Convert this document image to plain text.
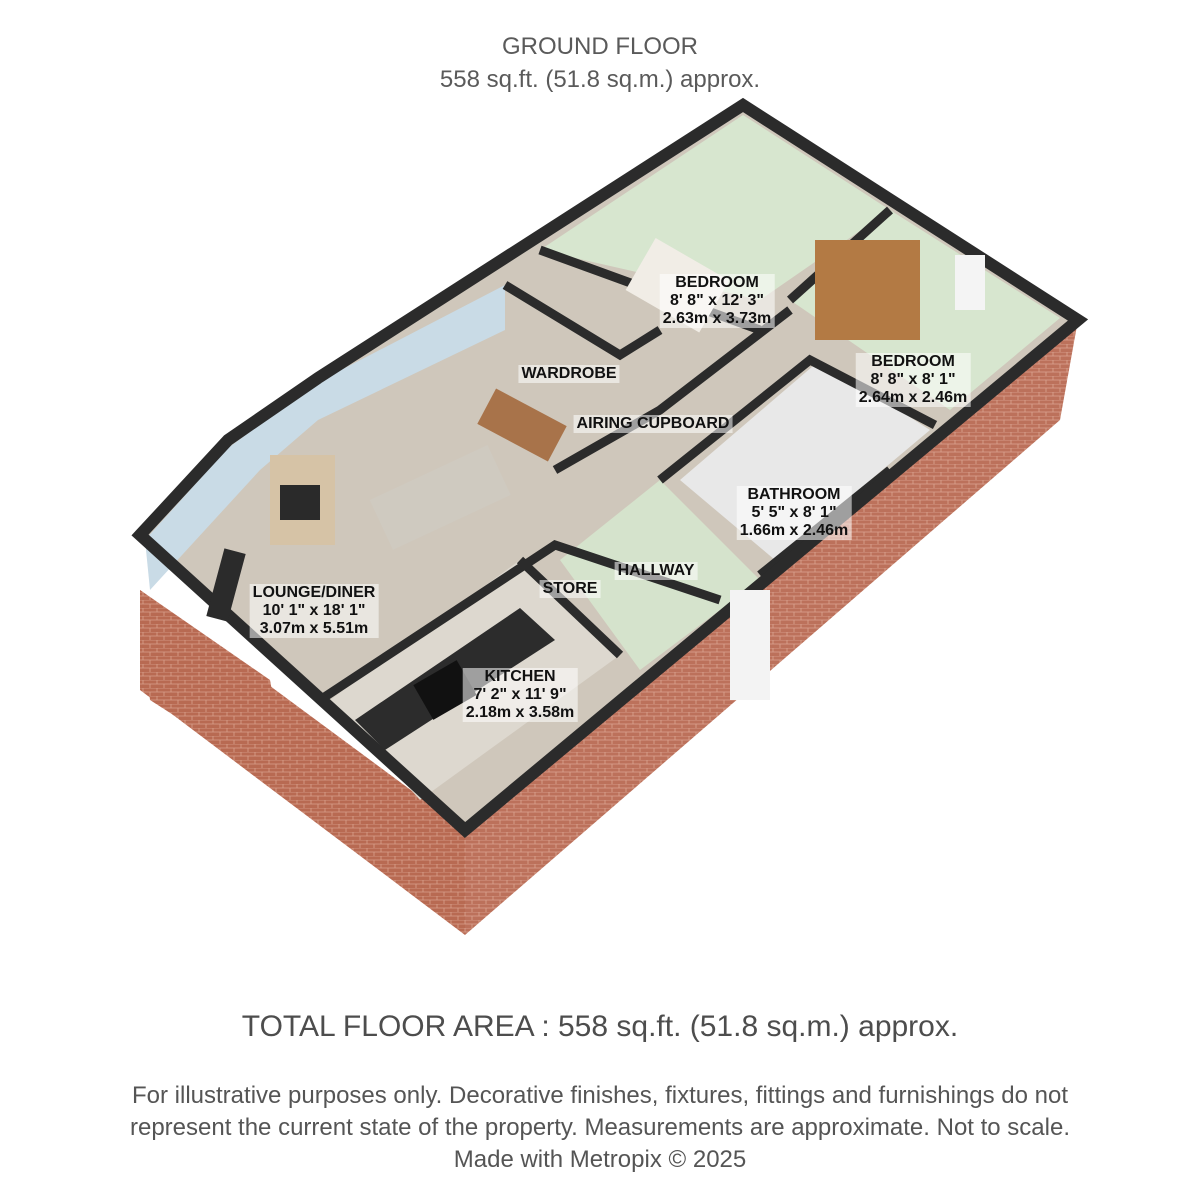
GROUND FLOOR
558 sq.ft. (51.8 sq.m.) approx.
BEDROOM
8' 8" x 12' 3"
2.63m x 3.73m
BEDROOM
8' 8" x 8' 1"
2.64m x 2.46m
WARDROBE
AIRING CUPBOARD
BATHROOM
5' 5" x 8' 1"
1.66m x 2.46m
LOUNGE/DINER
10' 1" x 18' 1"
3.07m x 5.51m
STORE
HALLWAY
KITCHEN
7' 2" x 11' 9"
2.18m x 3.58m
TOTAL FLOOR AREA : 558 sq.ft. (51.8 sq.m.) approx.
For illustrative purposes only. Decorative finishes, fixtures, fittings and furnishings do not
represent the current state of the property. Measurements are approximate. Not to scale.
Made with Metropix © 2025
